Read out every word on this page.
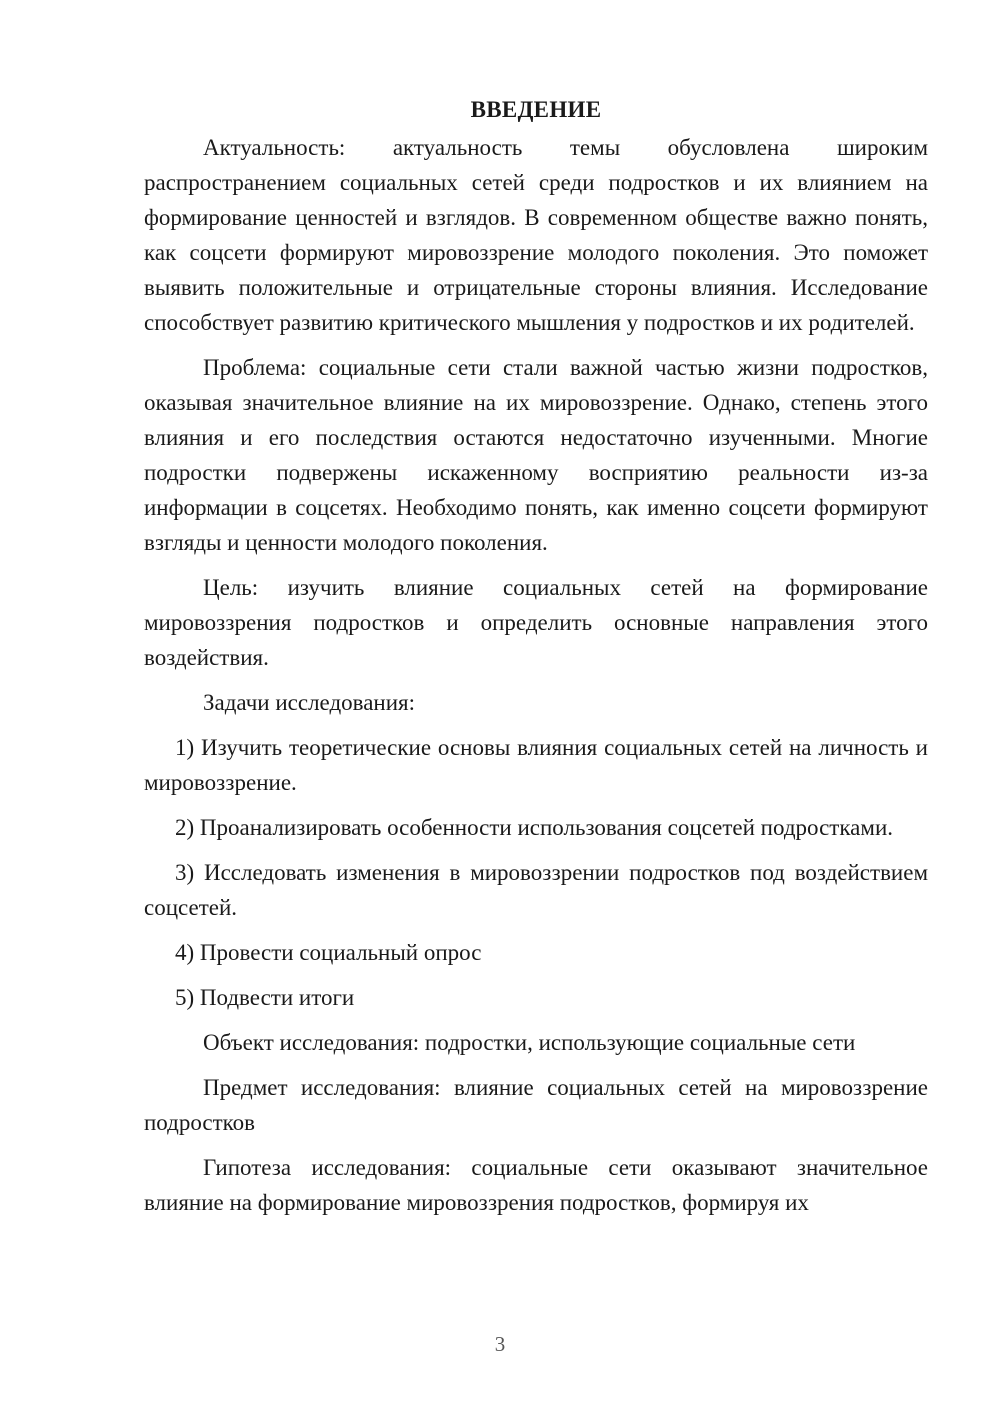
ВВЕДЕНИЕ

Актуальность: актуальность темы обусловлена широким распространением социальных сетей среди подростков и их влиянием на формирование ценностей и взглядов. В современном обществе важно понять, как соцсети формируют мировоззрение молодого поколения. Это поможет выявить положительные и отрицательные стороны влияния. Исследование способствует развитию критического мышления у подростков и их родителей.

Проблема: социальные сети стали важной частью жизни подростков, оказывая значительное влияние на их мировоззрение. Однако, степень этого влияния и его последствия остаются недостаточно изученными. Многие подростки подвержены искаженному восприятию реальности из-за информации в соцсетях. Необходимо понять, как именно соцсети формируют взгляды и ценности молодого поколения.

Цель: изучить влияние социальных сетей на формирование мировоззрения подростков и определить основные направления этого воздействия.

Задачи исследования:

1) Изучить теоретические основы влияния социальных сетей на личность и мировоззрение.

2) Проанализировать особенности использования соцсетей подростками.

3) Исследовать изменения в мировоззрении подростков под воздействием соцсетей.

4) Провести социальный опрос

5) Подвести итоги

Объект исследования: подростки, использующие социальные сети

Предмет исследования: влияние социальных сетей на мировоззрение подростков

Гипотеза исследования: социальные сети оказывают значительное влияние на формирование мировоззрения подростков, формируя их

3
